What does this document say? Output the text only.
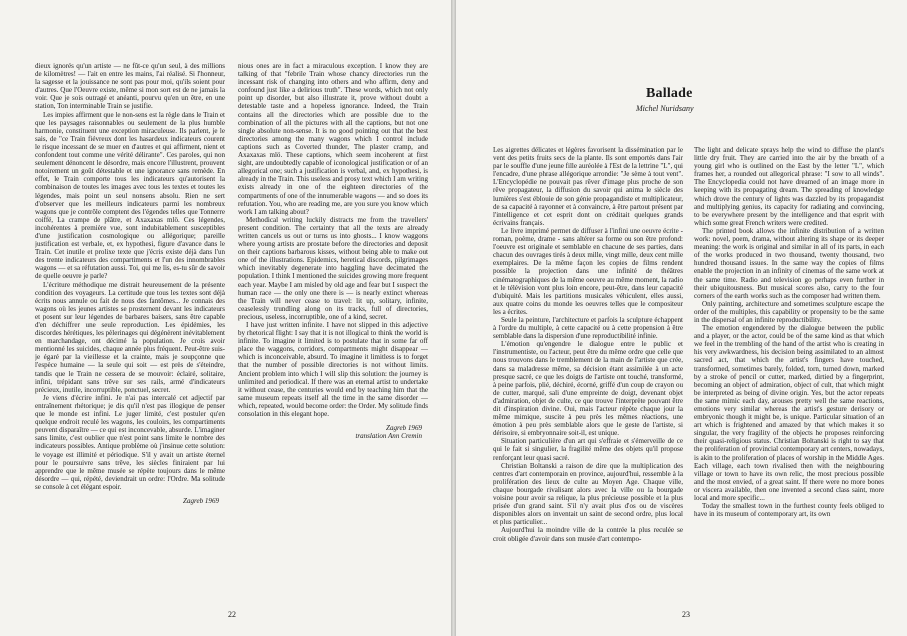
dieux ignorés qu'un artiste — ne fût-ce qu'un seul, à des millions de kilomètres! — l'ait en entre les mains, l'ai réalisé. Si l'honneur, la sagesse et la jouissance ne sont pas pour moi, qu'ils soient pour d'autres. Que l'Oeuvre existe, même si mon sort est de ne jamais la voir. Que je sois outragé et anéanti, pourvu qu'en un être, en une station, Ton interminable Train se justifie.

Les impies affirment que le non-sens est la règle dans le Train et que les paysages raisonnables ou seulement de la plus humble harmonie, constituent une exception miraculeuse. Ils parlent, je le sais, de "ce Train fiévreux dont les hasardeux indicateurs courent le risque incessant de se muer en d'autres et qui affirment, nient et confondent tout comme une vérité délirante". Ces paroles, qui non seulement dénoncent le désordre, mais encore l'illustrent, prouvent notoirement un goût détestable et une ignorance sans remède. En effet, le Train comporte tous les indicateurs qu'autorisent la combinaison de toutes les images avec tous les textes et toutes les légendes, mais point un seul nonsens absolu. Rien ne sert d'observer que les meilleurs indicateurs parmi les nombreux wagons que je contrôle comptent des l'égendes telles que Tonnerre coiffé, La crampe de plâtre, et Axaxaxas mlö. Ces légendes, incohérentes à première vue, sont indubitablement susceptibles d'une justification cosmologique ou allégorique; pareille justification est verbale, et, ex hypothesi, figure d'avance dans le Train. Cet inutile et prolixe texte que j'écris existe déjà dans l'un des trente indicateurs des compartiments et l'un des innombrables wagons — et sa réfutation aussi. Toi, qui me lis, es-tu sûr de savoir de quelle oeuvre je parle?

L'écriture méthodique me distrait heureusement de la présente condition des voyageurs. La certitude que tous les textes sont déjà écrits nous annule ou fait de nous des fantômes... Je connais des wagons où les jeunes artistes se prosternent devant les indicateurs et posent sur leur légendes de barbares baisers, sans être capable d'en déchiffrer une seule reproduction. Les épidémies, les discordes hérétiques, les pèlerinages qui dégénèrent inévitablement en marchandage, ont décimé la population. Je crois avoir mentionné les suicides, chaque année plus fréquent. Peut-être suis-je égaré par la vieillesse et la crainte, mais je soupçonne que l'espèce humaine — la seule qui soit — est près de s'éteindre, tandis que le Train ne cessera de se mouvoir: éclairé, solitaire, infini, trépidant sans trêve sur ses rails, armé d'indicateurs précieux, inutile, incorruptible, ponctuel, secret.

Je viens d'écrire infini. Je n'ai pas intercalé cet adjectif par entraînement rhétorique; je dis qu'il n'est pas illogique de penser que le monde est infini. Le juger limité, c'est postuler qu'en quelque endroit reculé les wagons, les couloirs, les compartiments peuvent disparaître — ce qui est inconcevable, absurde. L'imaginer sans limite, c'est oublier que n'est point sans limite le nombre des indicateurs possibles. Antique problème où j'insinue cette solution: le voyage est illimité et périodique. S'il y avait un artiste éternel pour le poursuivre sans trêve, les siècles finiraient par lui apprendre que le même musée se répète toujours dans le même désordre — qui, répété, deviendrait un ordre: l'Ordre. Ma solitude se console à cet élégant espoir.

Zagreb 1969

nious ones are in fact a miraculous exception. I know they are talking of that "febrile Train whose chancy directories run the incessant risk of changing into others and who affirm, deny and confound just like a delirious truth". These words, which not only point up disorder, but also illustrate it, prove without doubt a detestable taste and a hopeless ignorance. Indeed, the Train contains all the directories which are possible due to the combination of all the pictures with all the captions, but not one single absolute non-sense. It is no good pointing out that the best directories among the many wagons which I control include captions such as Coverted thunder, The plaster cramp, and Axaxaxas mlö. These captions, which seem incoherent at first sight, are undoubtedly capable of iconological justification or of an allegorical one; such a justification is verbal, and, ex hypothesi, is already in the Train. This useless and prosy text which I am writing exists already in one of the eighteen directories of the compartments of one of the innumerable wagons — and so does its refutation. You, who are reading me, are you sure you know which work I am talking about?

Methodical writing luckily distracts me from the travellers' present condition. The certainty that all the texts are already written cancels us out or turns us into ghosts... I know waggons where young artists are prostate before the directories and deposit on their captions barbarous kisses, without being able to make out one of the illustrations. Epidemics, heretical discords, pilgrimages which inevitably degenerate into haggling have decimated the population. I think I mentioned the suicides growing more frequent each year. Maybe I am misled by old age and fear but I suspect the human race — the only one there is — is nearly extinct whereas the Train will never cease to travel: lit up, solitary, infinite, ceaselessly trundling along on its tracks, full of directories, precious, useless, incorruptible, one of a kind, secret.

I have just written infinite. I have not slipped in this adjective by rhetorical flight: I say that it is not illogical to think the world is infinite. To imagine it limited is to postulate that in some far off place the waggons, corridors, compartments might disappear — which is inconceivable, absurd. To imagine it limitless is to forget that the number of possible directories is not without limits. Ancient problem into which I will slip this solution: the journey is unlimited and periodical. If there was an eternal artist to undertake it without cease, the centuries would end by teaching him that the same museum repeats itself all the time in the same disorder — which, repeated, would become order: the Order. My solitude finds consolation in this elegant hope.

Zagreb 1969

translation Ann Cremin

22
Ballade
Michel Nuridsany

Les aigrettes délicates et légères favorisent la dissémination par le vent des petits fruits secs de la plante. Ils sont emportés dans l'air par le souffle d'une jeune fille auréolée à l'Est de la lettrine "L", qui l'encadre, d'une phrase allégorique arrondie: "Je sème à tout vent". L'Encyclopédie ne pouvait pas rêver d'image plus proche de son rêve propagateur, la diffusion du savoir qui anima le siècle des lumières s'est éblouie de son génie propagandiste et multiplicateur, de sa capacité à rayonner et à convaincre, à être partout présent par l'intelligence et cet esprit dont on créditait quelques grands écrivains français.

Le livre imprimé permet de diffuser à l'infini une oeuvre écrite - roman, poème, drame - sans altérer sa forme ou son être profond: l'oeuvre est originale et semblable en chacune de ses parties, dans chacun des ouvrages tirés à deux mille, vingt mille, deux cent mille exemplaires. De la même façon les copies de films rendent possible la projection dans une infinité de théâtres cinématographiques de la même oeuvre au même moment, la radio et le télévision vont plus loin encore, peut-être, dans leur capacité d'ubiquité. Mais les partitions musicales véhiculent, elles aussi, aux quatre coins du monde les oeuvres telles que le compositeur les a écrites.

Seule la peinture, l'architecture et parfois la sculpture échappent à l'ordre du multiple, à cette capacité ou à cette propension à être semblable dans la dispersion d'une reproductibilité infinie.

L'émotion qu'engendre le dialogue entre le public et l'instrumentiste, ou l'acteur, peut être du même ordre que celle que nous trouvons dans le tremblement de la main de l'artiste que crée, dans sa maladresse même, sa décision étant assimilée à un acte presque sacré, ce que les doigts de l'artiste ont touché, transformé, à peine parfois, plié, déchiré, écorné, griffé d'un coup de crayon ou de cutter, marqué, sali d'une empreinte de doigt, devenant objet d'admiration, objet de culte, ce que trouve l'interprète pouvant être dit d'inspiration divine. Oui, mais l'acteur répète chaque jour la même mimique, suscite à peu près les mêmes réactions, une émotion à peu près semblable alors que le geste de l'artiste, si dérisoire, si embryonnaire soit-il, est unique.

Situation particulière d'un art qui s'effraie et s'émerveille de ce qui le fait si singulier, la fragilité même des objets qu'il propose renforçant leur quasi sacré.

Christian Boltanski a raison de dire que la multiplication des centres d'art contemporain en province, aujourd'hui, ressemble à la prolifération des lieux de culte au Moyen Age. Chaque ville, chaque bourgade rivalisant alors avec la ville ou la bourgade voisine pour avoir sa relique, la plus précieuse possible et la plus prisée d'un grand saint. S'il n'y avait plus d'os ou de viscères disponibles alors on inventait un saint de second ordre, plus local et plus particulier...

Aujourd'hui la moindre ville de la contrée la plus reculée se croit obligée d'avoir dans son musée d'art contempo-

The light and delicate sprays help the wind to diffuse the plant's little dry fruit. They are carried into the air by the breath of a young girl who is outlined on the East by the letter "L", which frames her, a rounded out allegorical phrase: "I sow to all winds". The Encyclopedia could not have dreamed of an image more in keeping with its propagating dream. The spreading of knowledge which drove the century of lights was dazzled by its propagandist and multiplying genius, its capacity for radiating and convincing, to be everywhere present by the intelligence and that esprit with which some great French writers were credited.

The printed book allows the infinite distribution of a written work: novel, poem, drama, without altering its shape or its deeper meaning: the work is original and similar in all of its parts, in each of the works produced in two thousand, twenty thousand, two hundred thousand issues. In the same way the copies of films enable the projection in an infinity of cinemas of the same work at the same time. Radio and television go perhaps even further in their ubiquitousness. But musical scores also, carry to the four corners of the earth works such as the composer had written them.

Only painting, architecture and sometimes sculpture escape the order of the multiples, this capability or propensity to be the same in the dispersal of an infinite reproductibility.

The emotion engendered by the dialogue between the public and a player, or the actor, could be of the same kind as that which we feel in the trembling of the hand of the artist who is creating in his very awkwardness, his decision being assimilated to an almost sacred act, that which the artist's fingers have touched, transformed, sometimes barely, folded, torn, turned down, marked by a stroke of pencil or cutter, marked, dirtied by a fingerprint, becoming an object of admiration, object of cult, that which might be interpreted as being of divine origin. Yes, but the actor repeats the same mimic each day, arouses pretty well the same reactions, emotions very similar whereas the artist's gesture derisory or embryonic though it might be, is unique. Particular situation of an art which is frightened and amazed by that which makes it so singular, the very fragility of the objects he proposes reinforcing their quasi-religious status. Christian Boltanski is right to say that the proliferation of provincial contemporary art centers, nowadays, is akin to the proliferation of places of worship in the Middle Ages. Each village, each town rivalised then with the neighbouring village or town to have its own relic, the most precious possible and the most envied, of a great saint. If there were no more bones or viscera available, then one invented a second class saint, more local and more specific...

Today the smallest town in the furthest county feels obliged to have in its museum of contemporary art, its own

23
